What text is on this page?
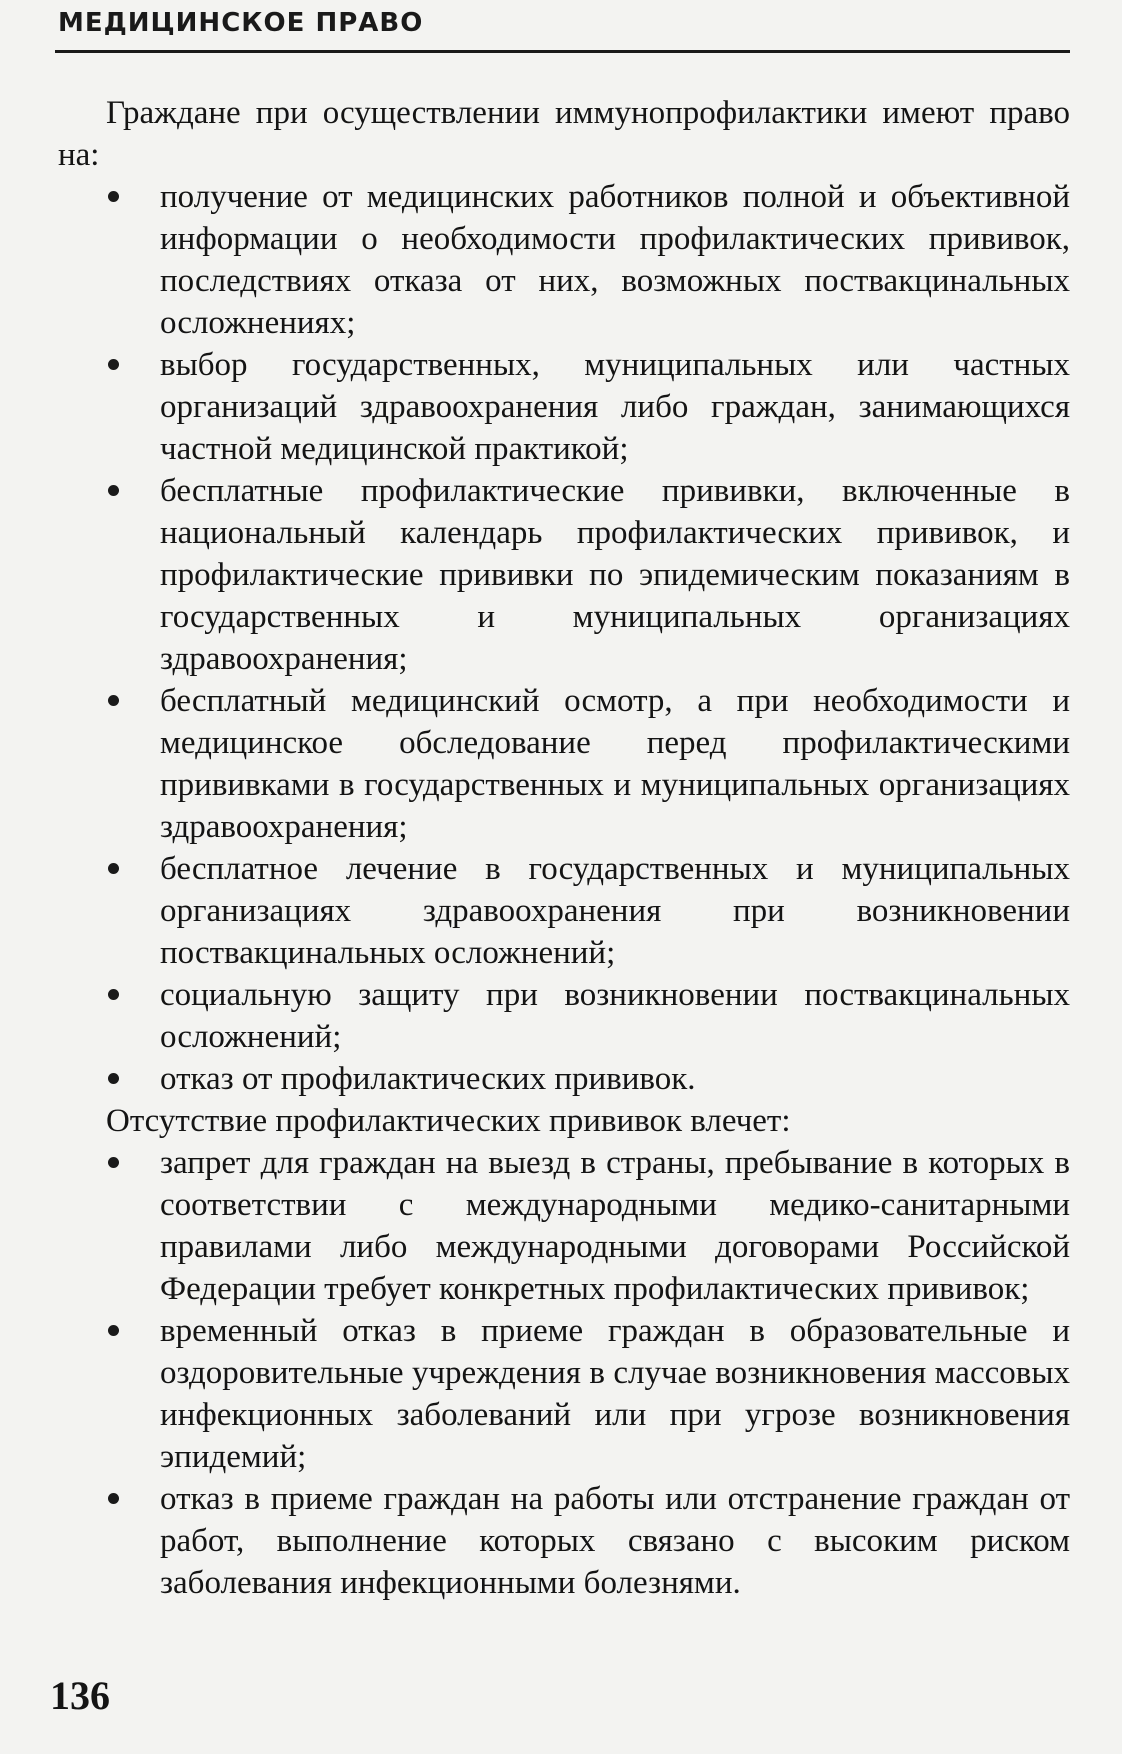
МЕДИЦИНСКОЕ ПРАВО

Граждане при осуществлении иммунопрофилактики имеют право на:

получение от медицинских работников полной и объективной информации о необходимости профилактических прививок, последствиях отказа от них, возможных поствакцинальных осложнениях;
выбор государственных, муниципальных или частных организаций здравоохранения либо граждан, занимающихся частной медицинской практикой;
бесплатные профилактические прививки, включенные в национальный календарь профилактических прививок, и профилактические прививки по эпидемическим показаниям в государственных и муниципальных организациях здравоохранения;
бесплатный медицинский осмотр, а при необходимости и медицинское обследование перед профилактическими прививками в государственных и муниципальных организациях здравоохранения;
бесплатное лечение в государственных и муниципальных организациях здравоохранения при возникновении поствакцинальных осложнений;
социальную защиту при возникновении поствакцинальных осложнений;
отказ от профилактических прививок.

Отсутствие профилактических прививок влечет:

запрет для граждан на выезд в страны, пребывание в которых в соответствии с международными медико-санитарными правилами либо международными договорами Российской Федерации требует конкретных профилактических прививок;
временный отказ в приеме граждан в образовательные и оздоровительные учреждения в случае возникновения массовых инфекционных заболеваний или при угрозе возникновения эпидемий;
отказ в приеме граждан на работы или отстранение граждан от работ, выполнение которых связано с высоким риском заболевания инфекционными болезнями.
136
